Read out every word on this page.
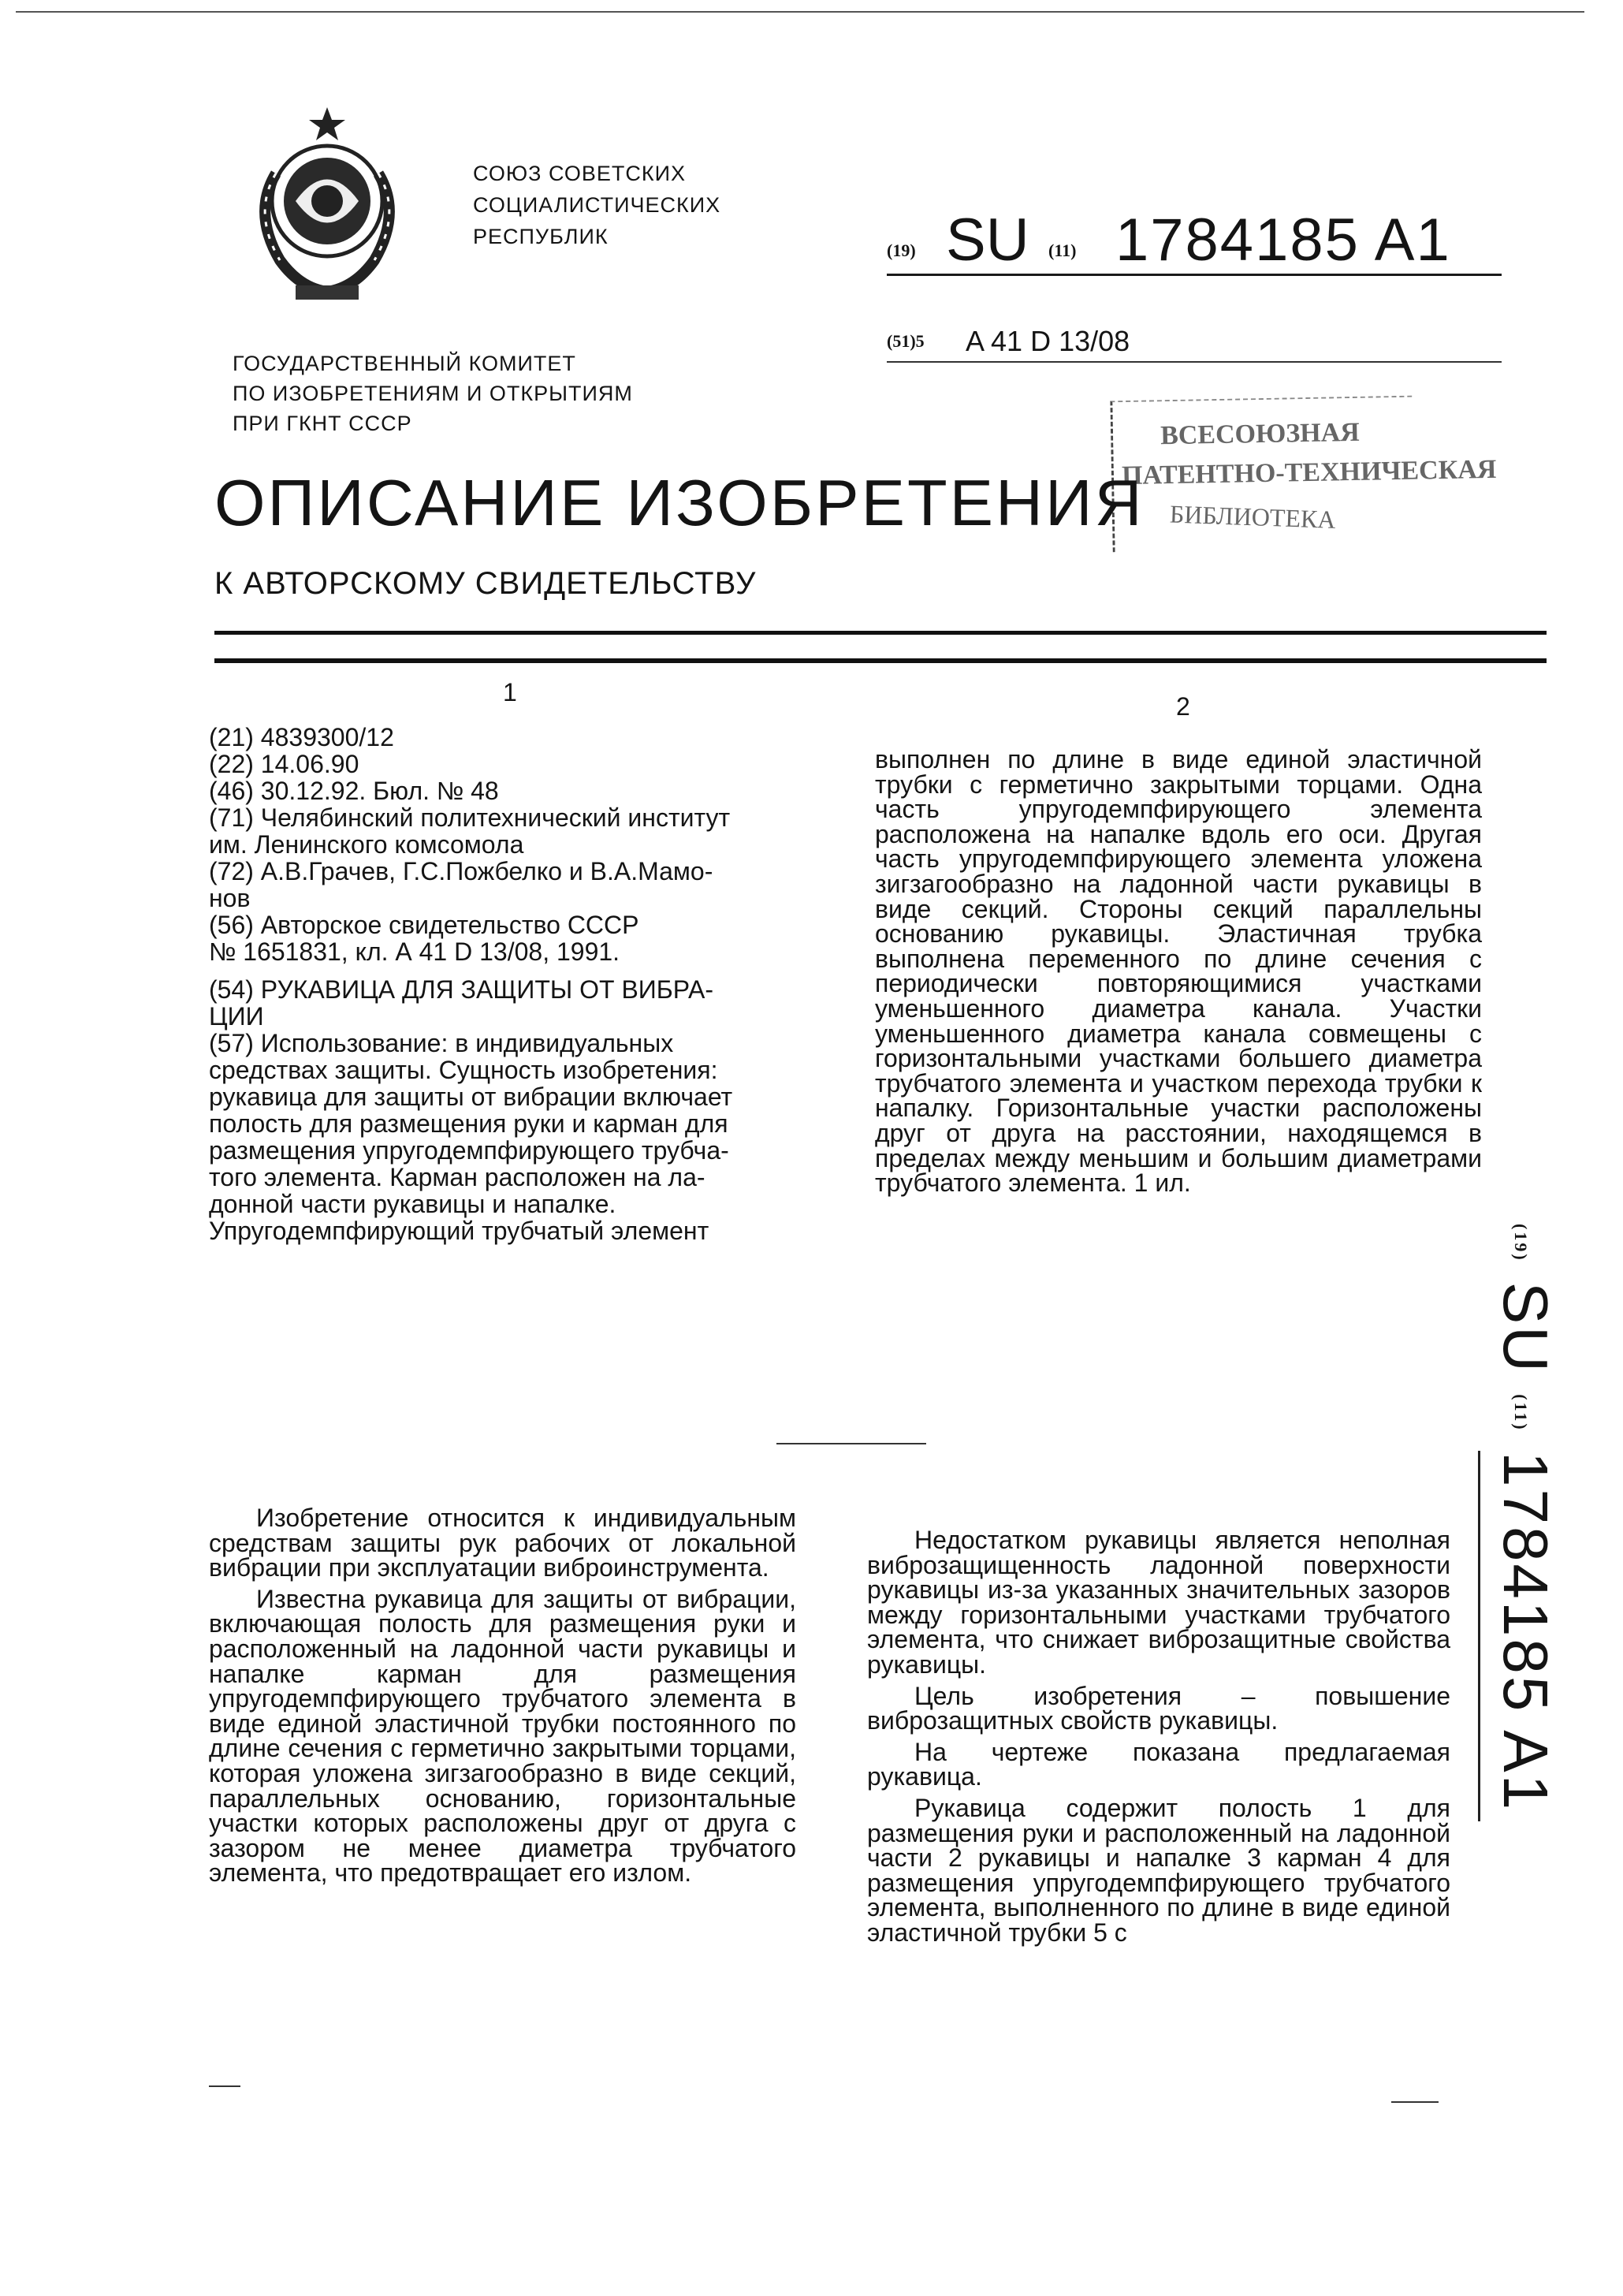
СОЮЗ СОВЕТСКИХ
СОЦИАЛИСТИЧЕСКИХ
РЕСПУБЛИК
ГОСУДАРСТВЕННЫЙ КОМИТЕТ
ПО ИЗОБРЕТЕНИЯМ И ОТКРЫТИЯМ
ПРИ ГКНТ СССР
(19) SU (11) 1784185 A1
(51)5 A 41 D 13/08
ВСЕСОЮЗНАЯ
ПАТЕНТНО-ТЕХНИЧЕСКАЯ
БИБЛИОТЕКА
ОПИСАНИЕ ИЗОБРЕТЕНИЯ
К АВТОРСКОМУ СВИДЕТЕЛЬСТВУ
1	2
(21) 4839300/12
(22) 14.06.90
(46) 30.12.92. Бюл. № 48
(71) Челябинский политехнический институт
им. Ленинского комсомола
(72) А.В.Грачев, Г.С.Пожбелко и В.А.Мамо-
нов
(56) Авторское свидетельство СССР
№ 1651831, кл. А 41 D 13/08, 1991.
(54) РУКАВИЦА ДЛЯ ЗАЩИТЫ ОТ ВИБРА-
ЦИИ
(57) Использование: в индивидуальных
средствах защиты. Сущность изобретения:
рукавица для защиты от вибрации включает
полость для размещения руки и карман для
размещения упругодемпфирующего трубча-
того элемента. Карман расположен на ла-
донной части рукавицы и напалке.
Упругодемпфирующий трубчатый элемент
выполнен по длине в виде единой эластичной трубки с герметично закрытыми торцами. Одна часть упругодемпфирующего элемента расположена на напалке вдоль его оси. Другая часть упругодемпфирующего элемента уложена зигзагообразно на ладонной части рукавицы в виде секций. Стороны секций параллельны основанию рукавицы. Эластичная трубка выполнена переменного по длине сечения с периодически повторяющимися участками уменьшенного диаметра канала. Участки уменьшенного диаметра канала совмещены с горизонтальными участками большего диаметра трубчатого элемента и участком перехода трубки к напалку. Горизонтальные участки расположены друг от друга на расстоянии, находящемся в пределах между меньшим и большим диаметрами трубчатого элемента. 1 ил.

Изобретение относится к индивидуальным средствам защиты рук рабочих от локальной вибрации при эксплуатации виброинструмента.

Известна рукавица для защиты от вибрации, включающая полость для размещения руки и расположенный на ладонной части рукавицы и напалке карман для размещения упругодемпфирующего трубчатого элемента в виде единой эластичной трубки постоянного по длине сечения с герметично закрытыми торцами, которая уложена зигзагообразно в виде секций, параллельных основанию, горизонтальные участки которых расположены друг от друга с зазором не менее диаметра трубчатого элемента, что предотвращает его излом.

Недостатком рукавицы является неполная виброзащищенность ладонной поверхности рукавицы из-за указанных значительных зазоров между горизонтальными участками трубчатого элемента, что снижает виброзащитные свойства рукавицы.

Цель изобретения – повышение виброзащитных свойств рукавицы.

На чертеже показана предлагаемая рукавица.

Рукавица содержит полость 1 для размещения руки и расположенный на ладонной части 2 рукавицы и напалке 3 карман 4 для размещения упругодемпфирующего трубчатого элемента, выполненного по длине в виде единой эластичной трубки 5 с

(19) SU (11) 1784185 A1
